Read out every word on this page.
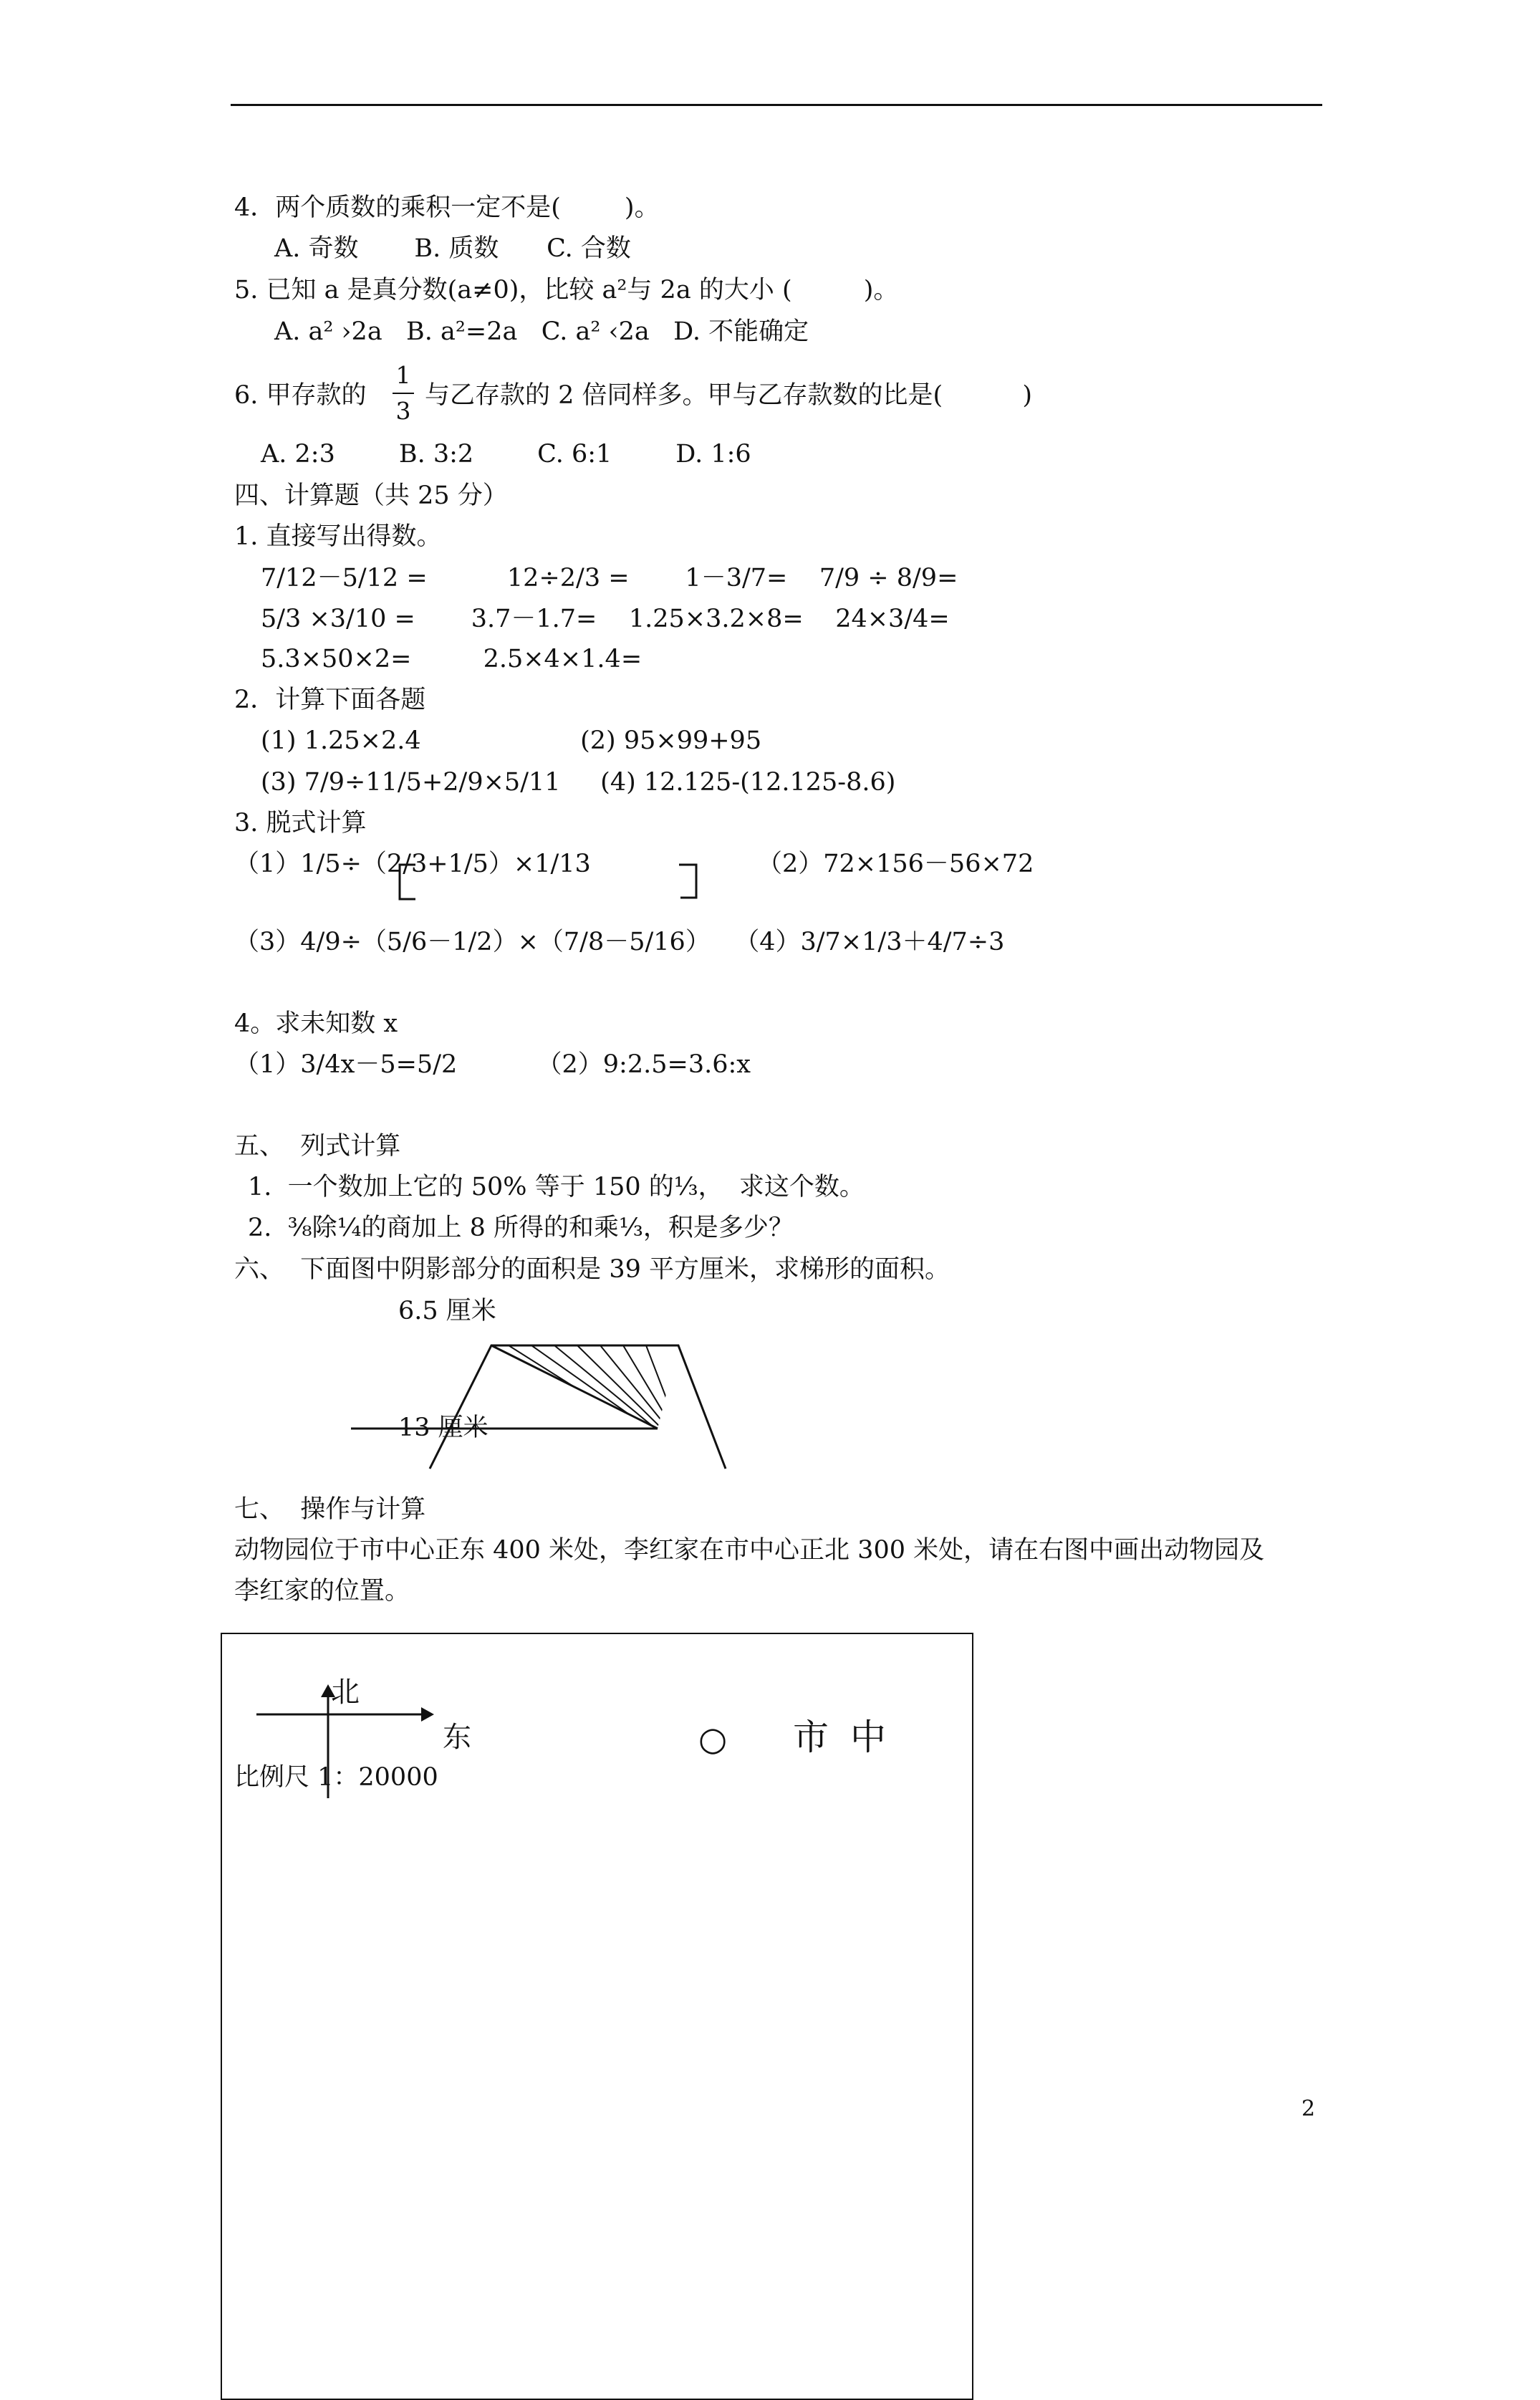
4．两个质数的乘积一定不是(        )。
A. 奇数       B. 质数      C. 合数
5. 已知 a 是真分数(a≠0)，比较 a²与 2a 的大小 (         )。
A. a² ›2a   B. a²=2a   C. a² ‹2a   D. 不能确定
6. 甲存款的
1
3
与乙存款的 2 倍同样多。甲与乙存款数的比是(          )
A. 2:3        B. 3:2        C. 6:1        D. 1:6
四、计算题（共 25 分）
1. 直接写出得数。
7/12－5/12 =          12÷2/3 =       1－3/7=    7/9 ÷ 8/9=
5/3 ×3/10 =       3.7－1.7=    1.25×3.2×8=    24×3/4=
5.3×50×2=         2.5×4×1.4=
2．计算下面各题
(1) 1.25×2.4                    (2) 95×99+95
(3) 7/9÷11/5+2/9×5/11     (4) 12.125-(12.125-8.6)
3. 脱式计算
（1）1/5÷（2/3+1/5）×1/13	（2）72×156－56×72
（3）4/9÷（5/6－1/2）×（7/8－5/16）   （4）3/7×1/3＋4/7÷3
4。求未知数 x
（1）3/4x－5=5/2          （2）9:2.5=3.6:x
五、  列式计算
1.  一个数加上它的 50% 等于 150 的⅓，  求这个数。
2.  ⅜除¼的商加上 8 所得的和乘⅓，积是多少？
六、  下面图中阴影部分的面积是 39 平方厘米，求梯形的面积。
6.5 厘米
13 厘米
七、  操作与计算
动物园位于市中心正东 400 米处，李红家在市中心正北 300 米处，请在右图中画出动物园及
李红家的位置。
北
东	○ 市中
比例尺 1：20000
2
